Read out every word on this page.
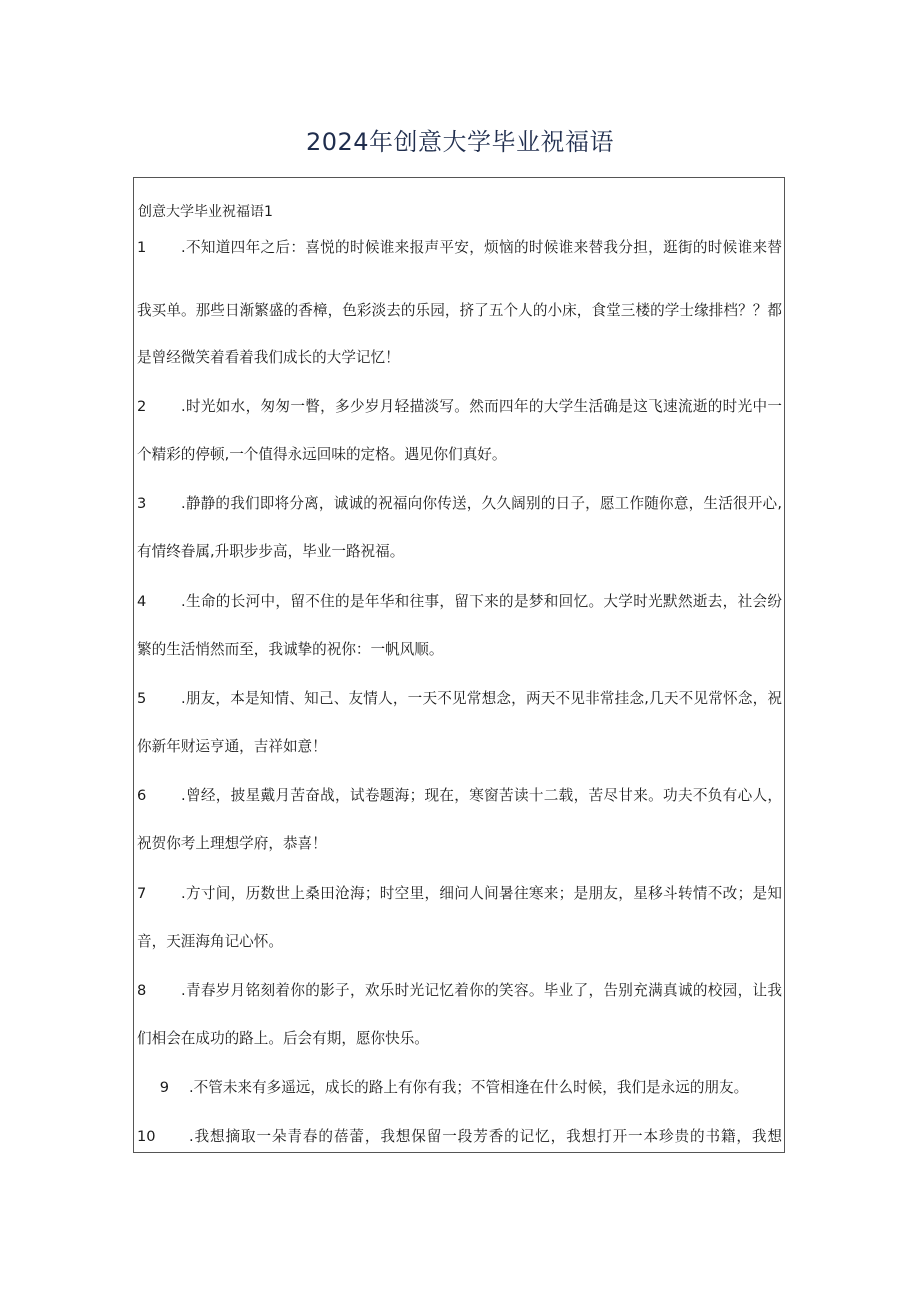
2024年创意大学毕业祝福语
创意大学毕业祝福语1
1 .不知道四年之后：喜悦的时候谁来报声平安，烦恼的时候谁来替我分担，逛街的时候谁来替
我买单。那些日渐繁盛的香樟，色彩淡去的乐园，挤了五个人的小床，食堂三楼的学士缘排档？？都
是曾经微笑着看着我们成长的大学记忆！
2 .时光如水，匆匆一瞥，多少岁月轻描淡写。然而四年的大学生活确是这飞速流逝的时光中一
个精彩的停顿,一个值得永远回味的定格。遇见你们真好。
3 .静静的我们即将分离，诚诚的祝福向你传送，久久阔别的日子，愿工作随你意，生活很开心,
有情终眷属,升职步步高，毕业一路祝福。
4 .生命的长河中，留不住的是年华和往事，留下来的是梦和回忆。大学时光默然逝去，社会纷
繁的生活悄然而至，我诚挚的祝你：一帆风顺。
5 .朋友，本是知情、知己、友情人，一天不见常想念，两天不见非常挂念,几天不见常怀念，祝
你新年财运亨通，吉祥如意！
6 .曾经，披星戴月苦奋战，试卷题海；现在，寒窗苦读十二载，苦尽甘来。功夫不负有心人，
祝贺你考上理想学府，恭喜！
7 .方寸间，历数世上桑田沧海；时空里，细问人间暑往寒来；是朋友，星移斗转情不改；是知
音，天涯海角记心怀。
8 .青春岁月铭刻着你的影子，欢乐时光记忆着你的笑容。毕业了，告别充满真诚的校园，让我
们相会在成功的路上。后会有期，愿你快乐。
9 .不管未来有多遥远，成长的路上有你有我；不管相逢在什么时候，我们是永远的朋友。
10 .我想摘取一朵青春的蓓蕾，我想保留一段芳香的记忆，我想打开一本珍贵的书籍，我想
